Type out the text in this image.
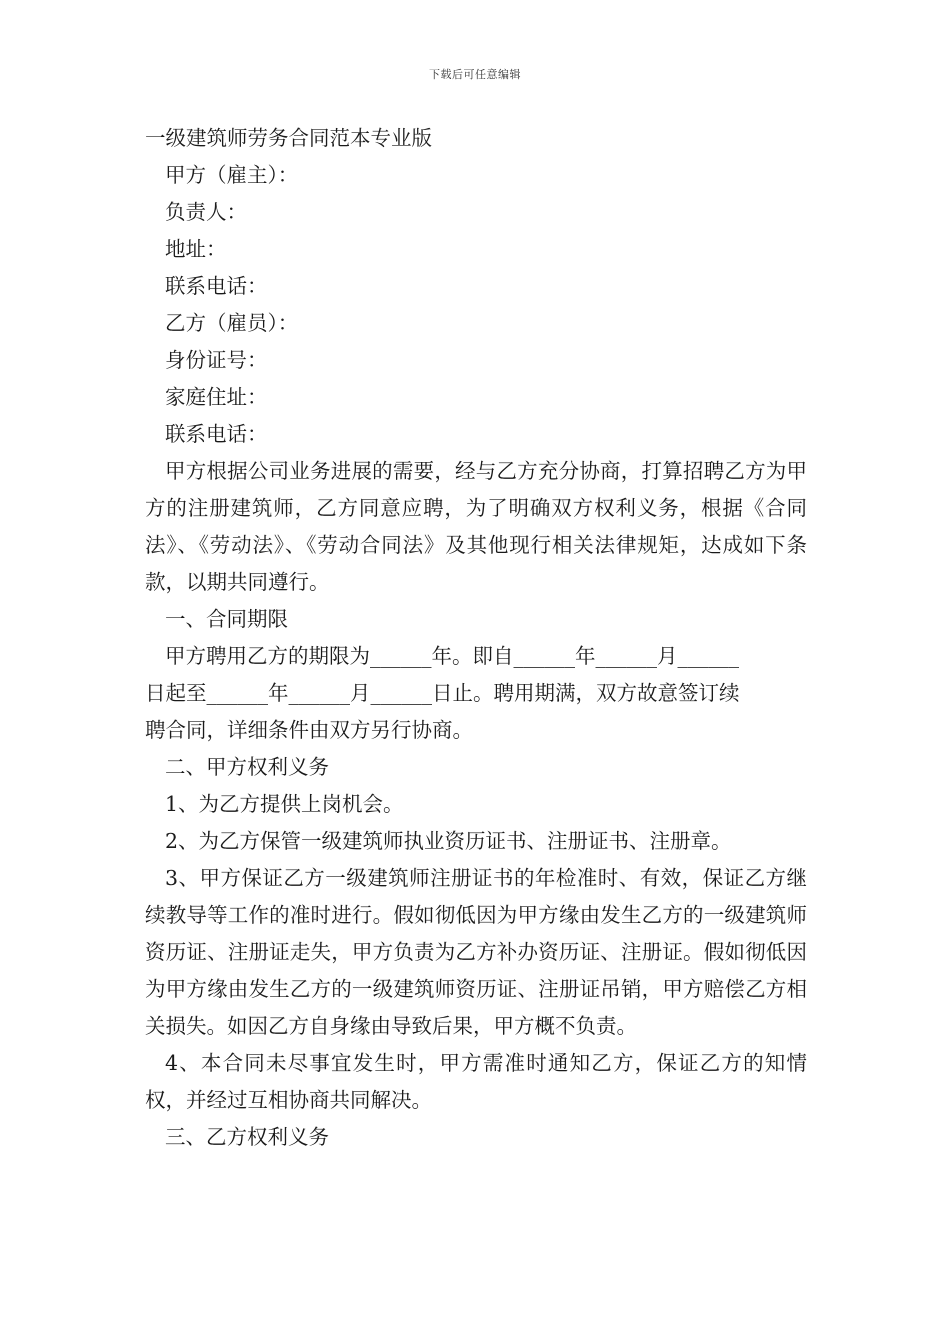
下载后可任意编辑
一级建筑师劳务合同范本专业版
甲方（雇主）：
负责人：
地址：
联系电话：
乙方（雇员）：
身份证号：
家庭住址：
联系电话：

甲方根据公司业务进展的需要，经与乙方充分协商，打算招聘乙方为甲方的注册建筑师，乙方同意应聘，为了明确双方权利义务，根据《合同法》、《劳动法》、《劳动合同法》及其他现行相关法律规矩，达成如下条款，以期共同遵行。

一、合同期限
甲方聘用乙方的期限为______年。即自______年______月______
日起至______年______月______日止。聘用期满，双方故意签订续
聘合同，详细条件由双方另行协商。
二、甲方权利义务
1、为乙方提供上岗机会。
2、为乙方保管一级建筑师执业资历证书、注册证书、注册章。

3、甲方保证乙方一级建筑师注册证书的年检准时、有效，保证乙方继续教导等工作的准时进行。假如彻低因为甲方缘由发生乙方的一级建筑师资历证、注册证走失，甲方负责为乙方补办资历证、注册证。假如彻低因为甲方缘由发生乙方的一级建筑师资历证、注册证吊销，甲方赔偿乙方相关损失。如因乙方自身缘由导致后果，甲方概不负责。

4、本合同未尽事宜发生时，甲方需准时通知乙方，保证乙方的知情权，并经过互相协商共同解决。

三、乙方权利义务
